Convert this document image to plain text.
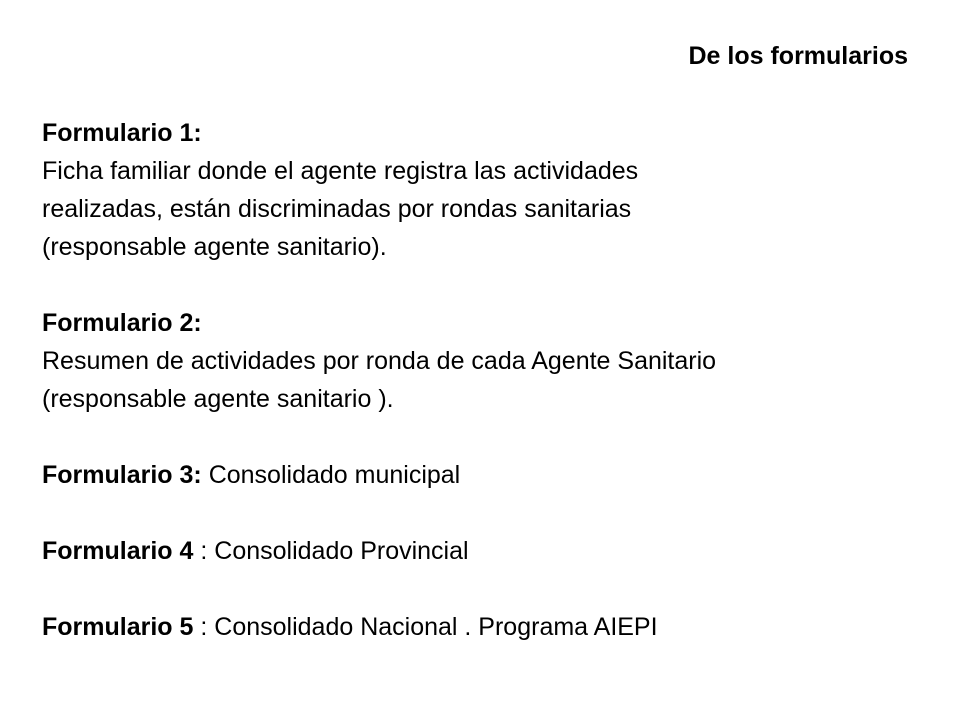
De los formularios
Formulario 1:
Ficha familiar donde el agente registra las actividades
realizadas, están discriminadas por rondas sanitarias
(responsable agente sanitario).
Formulario 2:
Resumen de actividades por ronda de cada Agente Sanitario
(responsable agente sanitario ).
Formulario 3: Consolidado municipal
Formulario 4 : Consolidado Provincial
Formulario 5 : Consolidado Nacional . Programa AIEPI
